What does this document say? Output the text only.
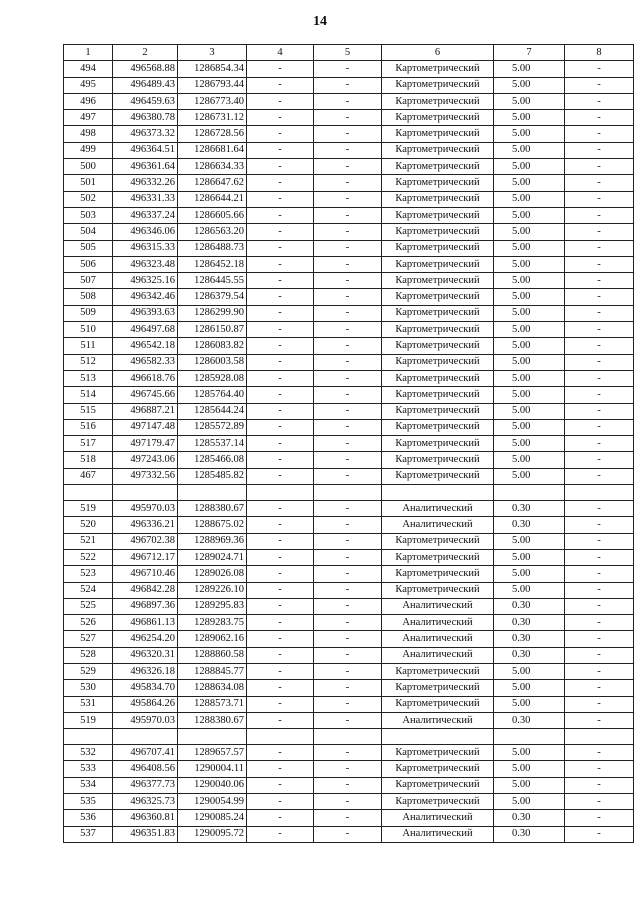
14
1	2	3	4	5	6	7	8
494	496568.88	1286854.34	-	-	Картометрический	5.00	-
495	496489.43	1286793.44	-	-	Картометрический	5.00	-
496	496459.63	1286773.40	-	-	Картометрический	5.00	-
497	496380.78	1286731.12	-	-	Картометрический	5.00	-
498	496373.32	1286728.56	-	-	Картометрический	5.00	-
499	496364.51	1286681.64	-	-	Картометрический	5.00	-
500	496361.64	1286634.33	-	-	Картометрический	5.00	-
501	496332.26	1286647.62	-	-	Картометрический	5.00	-
502	496331.33	1286644.21	-	-	Картометрический	5.00	-
503	496337.24	1286605.66	-	-	Картометрический	5.00	-
504	496346.06	1286563.20	-	-	Картометрический	5.00	-
505	496315.33	1286488.73	-	-	Картометрический	5.00	-
506	496323.48	1286452.18	-	-	Картометрический	5.00	-
507	496325.16	1286445.55	-	-	Картометрический	5.00	-
508	496342.46	1286379.54	-	-	Картометрический	5.00	-
509	496393.63	1286299.90	-	-	Картометрический	5.00	-
510	496497.68	1286150.87	-	-	Картометрический	5.00	-
511	496542.18	1286083.82	-	-	Картометрический	5.00	-
512	496582.33	1286003.58	-	-	Картометрический	5.00	-
513	496618.76	1285928.08	-	-	Картометрический	5.00	-
514	496745.66	1285764.40	-	-	Картометрический	5.00	-
515	496887.21	1285644.24	-	-	Картометрический	5.00	-
516	497147.48	1285572.89	-	-	Картометрический	5.00	-
517	497179.47	1285537.14	-	-	Картометрический	5.00	-
518	497243.06	1285466.08	-	-	Картометрический	5.00	-
467	497332.56	1285485.82	-	-	Картометрический	5.00	-

519	495970.03	1288380.67	-	-	Аналитический	0.30	-
520	496336.21	1288675.02	-	-	Аналитический	0.30	-
521	496702.38	1288969.36	-	-	Картометрический	5.00	-
522	496712.17	1289024.71	-	-	Картометрический	5.00	-
523	496710.46	1289026.08	-	-	Картометрический	5.00	-
524	496842.28	1289226.10	-	-	Картометрический	5.00	-
525	496897.36	1289295.83	-	-	Аналитический	0.30	-
526	496861.13	1289283.75	-	-	Аналитический	0.30	-
527	496254.20	1289062.16	-	-	Аналитический	0.30	-
528	496320.31	1288860.58	-	-	Аналитический	0.30	-
529	496326.18	1288845.77	-	-	Картометрический	5.00	-
530	495834.70	1288634.08	-	-	Картометрический	5.00	-
531	495864.26	1288573.71	-	-	Картометрический	5.00	-
519	495970.03	1288380.67	-	-	Аналитический	0.30	-

532	496707.41	1289657.57	-	-	Картометрический	5.00	-
533	496408.56	1290004.11	-	-	Картометрический	5.00	-
534	496377.73	1290040.06	-	-	Картометрический	5.00	-
535	496325.73	1290054.99	-	-	Картометрический	5.00	-
536	496360.81	1290085.24	-	-	Аналитический	0.30	-
537	496351.83	1290095.72	-	-	Аналитический	0.30	-
